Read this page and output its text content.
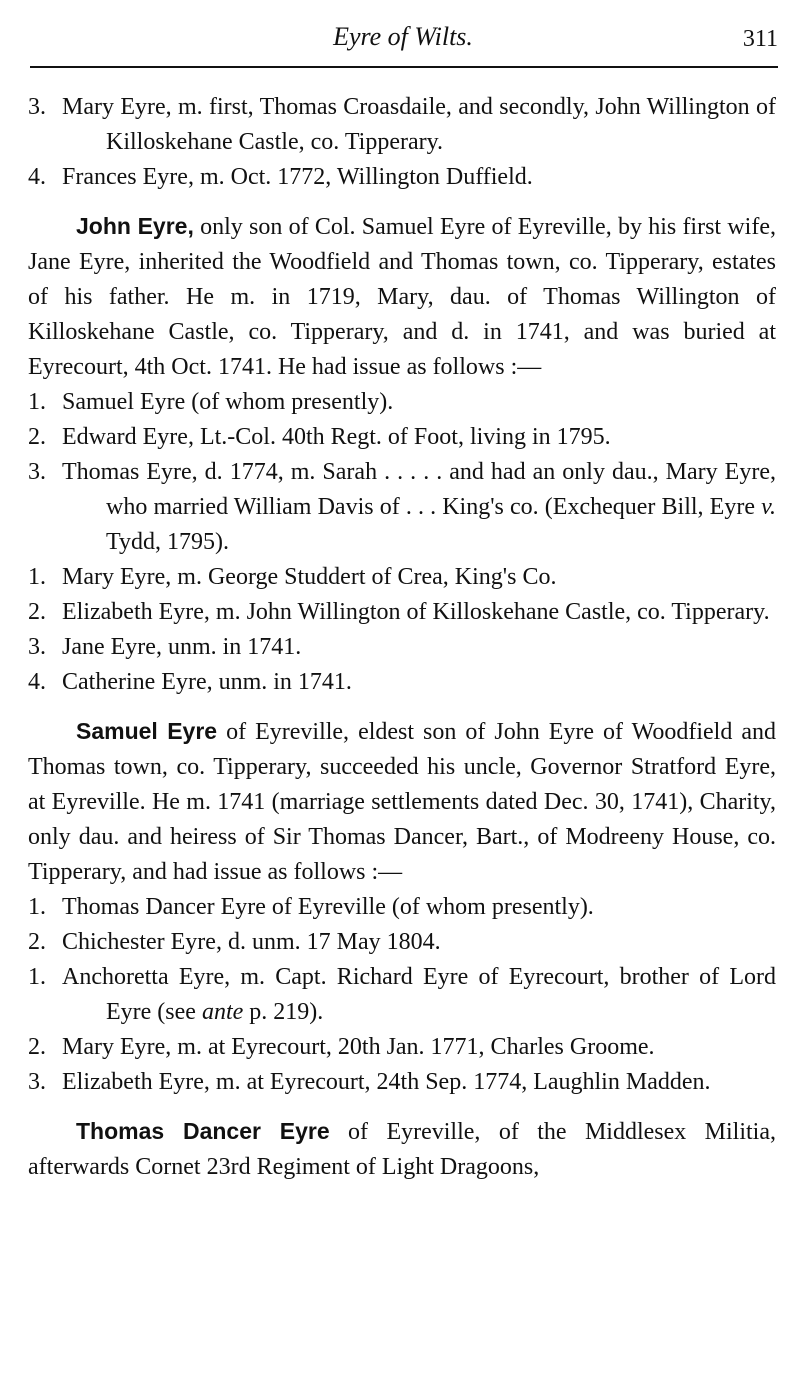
Eyre of Wilts.	311

3. Mary Eyre, m. first, Thomas Croasdaile, and secondly, John Willington of Killoskehane Castle, co. Tipperary.

4. Frances Eyre, m. Oct. 1772, Willington Duffield.

John Eyre, only son of Col. Samuel Eyre of Eyreville, by his first wife, Jane Eyre, inherited the Woodfield and Thomas town, co. Tipperary, estates of his father. He m. in 1719, Mary, dau. of Thomas Willington of Killoskehane Castle, co. Tipperary, and d. in 1741, and was buried at Eyrecourt, 4th Oct. 1741. He had issue as follows :—

1. Samuel Eyre (of whom presently).

2. Edward Eyre, Lt.-Col. 40th Regt. of Foot, living in 1795.

3. Thomas Eyre, d. 1774, m. Sarah . . . . . and had an only dau., Mary Eyre, who married William Davis of . . . King's co. (Exchequer Bill, Eyre v. Tydd, 1795).

1. Mary Eyre, m. George Studdert of Crea, King's Co.

2. Elizabeth Eyre, m. John Willington of Killoskehane Castle, co. Tipperary.

3. Jane Eyre, unm. in 1741.

4. Catherine Eyre, unm. in 1741.

Samuel Eyre of Eyreville, eldest son of John Eyre of Woodfield and Thomas town, co. Tipperary, succeeded his uncle, Governor Stratford Eyre, at Eyreville. He m. 1741 (marriage settlements dated Dec. 30, 1741), Charity, only dau. and heiress of Sir Thomas Dancer, Bart., of Modreeny House, co. Tipperary, and had issue as follows :—

1. Thomas Dancer Eyre of Eyreville (of whom presently).

2. Chichester Eyre, d. unm. 17 May 1804.

1. Anchoretta Eyre, m. Capt. Richard Eyre of Eyrecourt, brother of Lord Eyre (see ante p. 219).

2. Mary Eyre, m. at Eyrecourt, 20th Jan. 1771, Charles Groome.

3. Elizabeth Eyre, m. at Eyrecourt, 24th Sep. 1774, Laughlin Madden.

Thomas Dancer Eyre of Eyreville, of the Middlesex Militia, afterwards Cornet 23rd Regiment of Light Dragoons,
